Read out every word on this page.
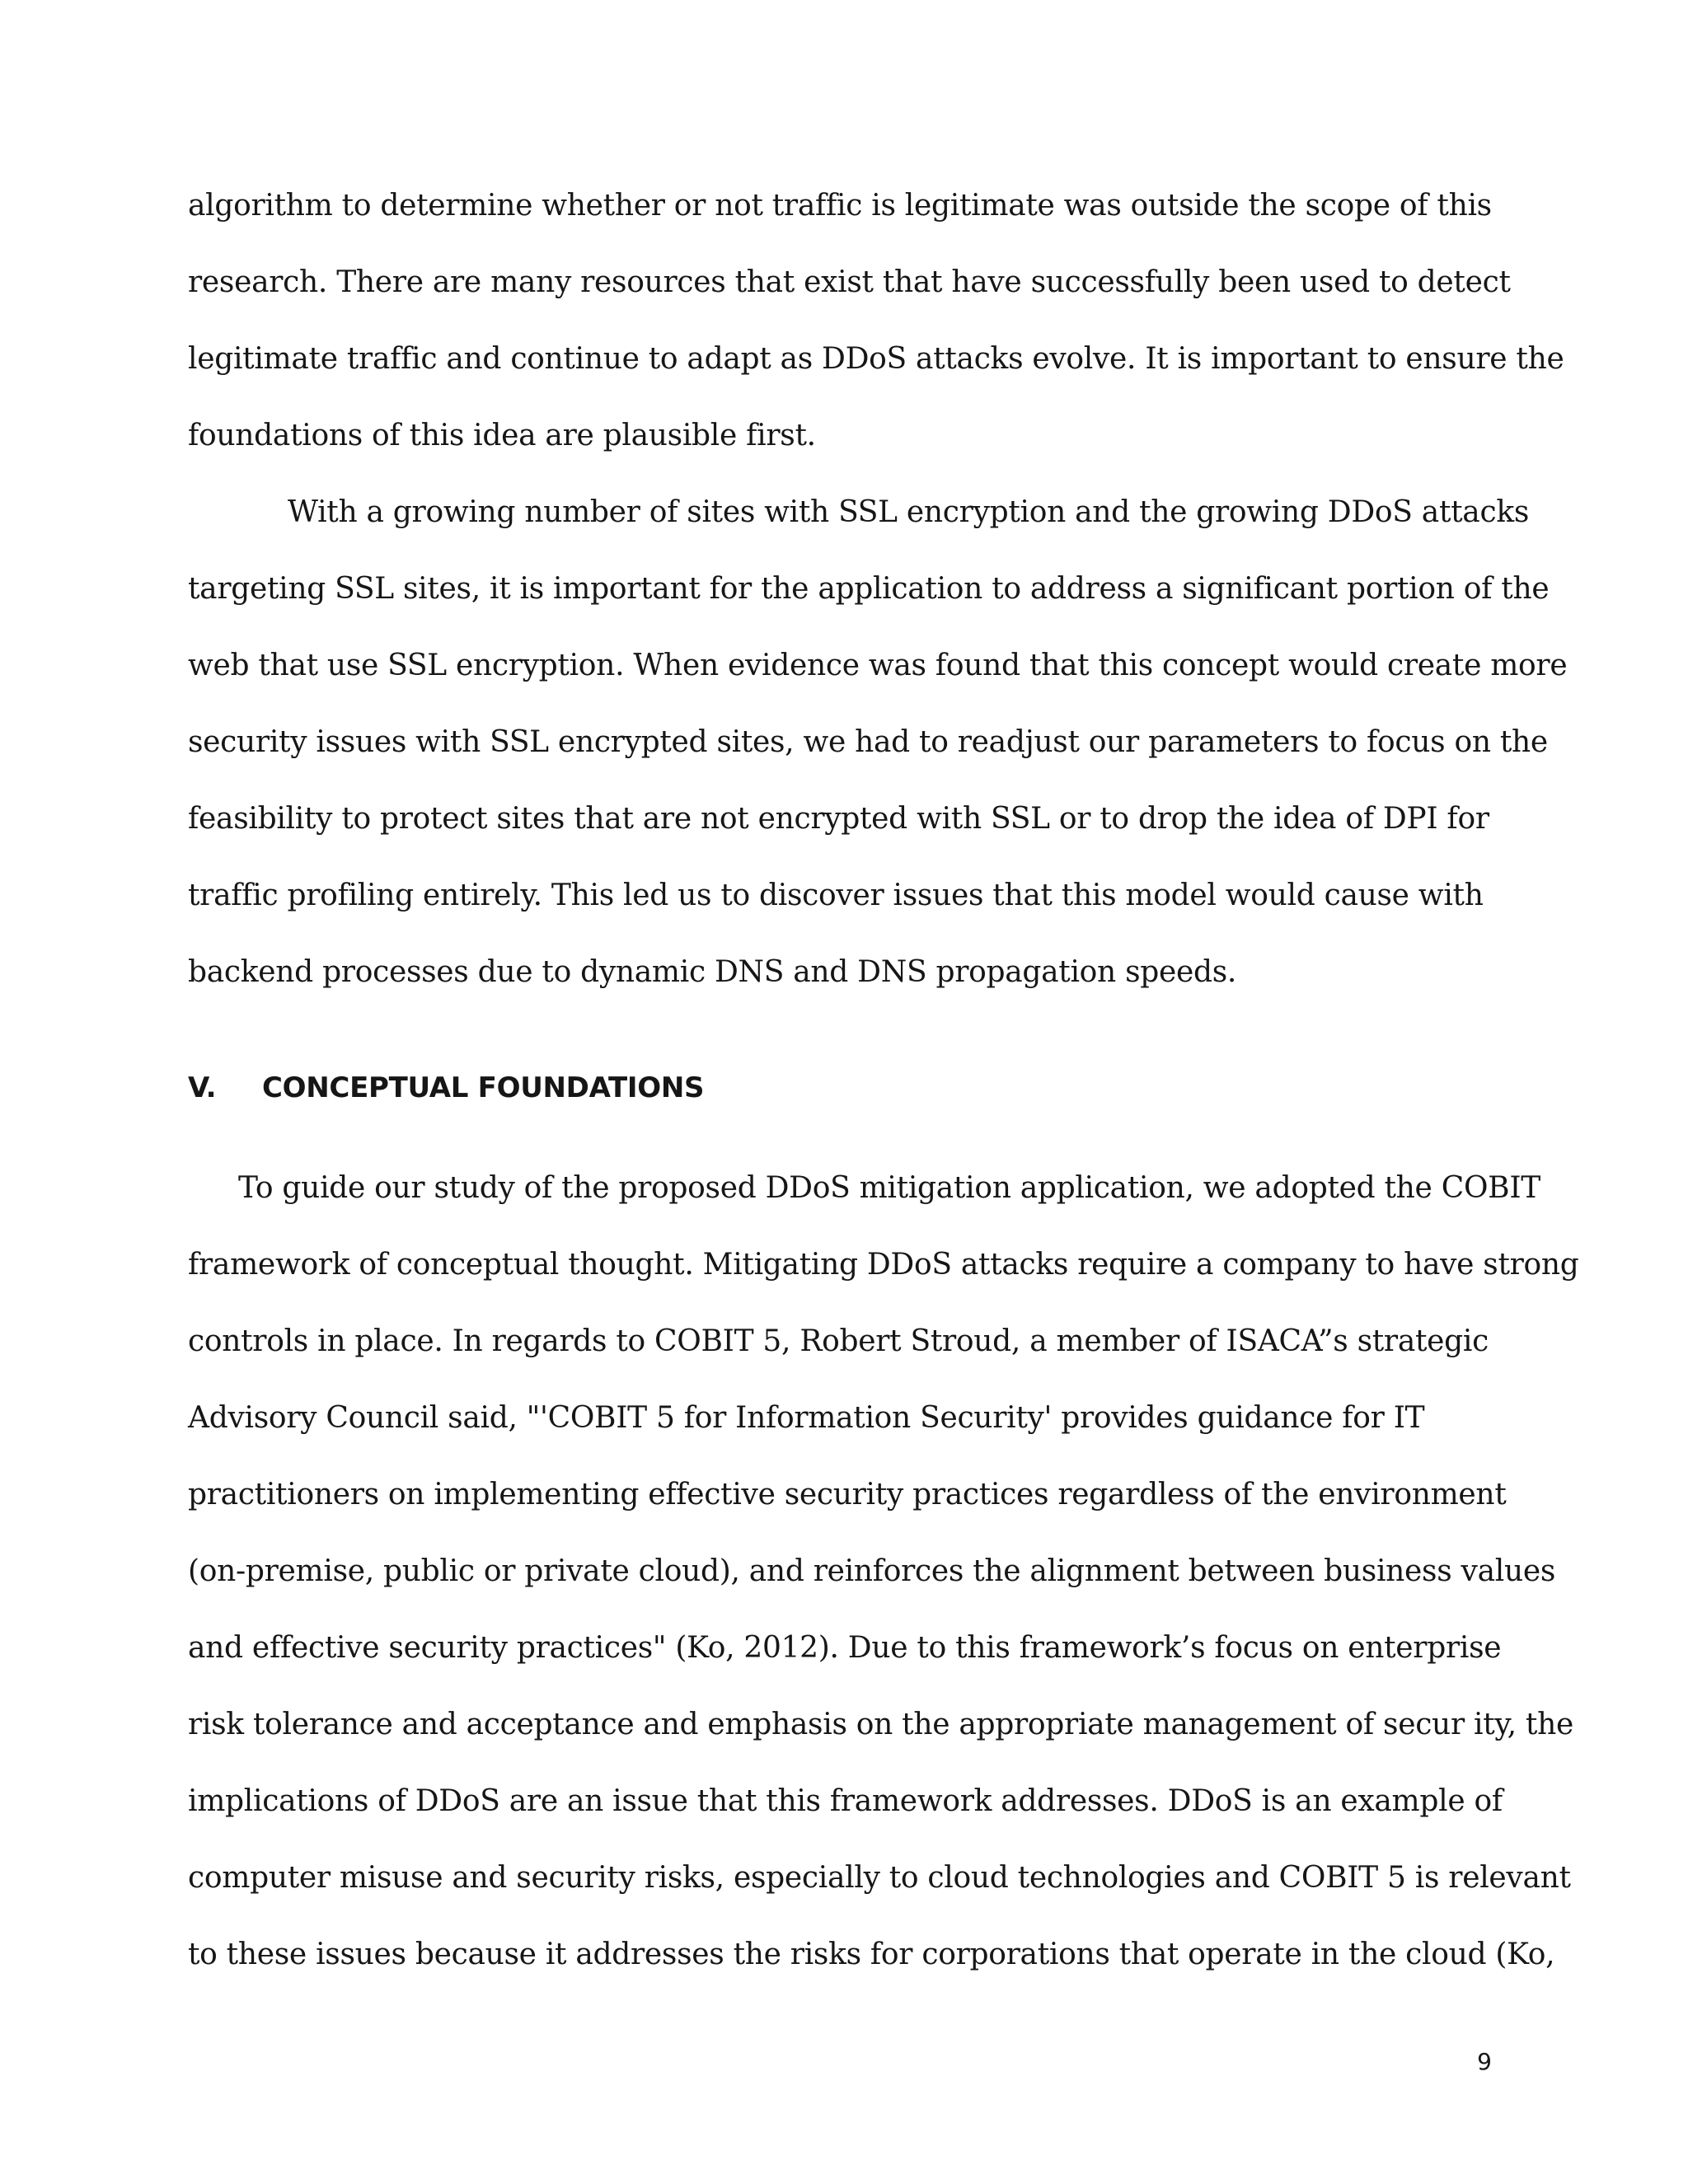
algorithm to determine whether or not traffic is legitimate was outside the scope of this
research. There are many resources that exist that have successfully been used to detect
legitimate traffic and continue to adapt as DDoS attacks evolve. It is important to ensure the
foundations of this idea are plausible first.
With a growing number of sites with SSL encryption and the growing DDoS attacks
targeting SSL sites, it is important for the application to address a significant portion of the
web that use SSL encryption. When evidence was found that this concept would create more
security issues with SSL encrypted sites, we had to readjust our parameters to focus on the
feasibility to protect sites that are not encrypted with SSL or to drop the idea of DPI for
traffic profiling entirely. This led us to discover issues that this model would cause with
backend processes due to dynamic DNS and DNS propagation speeds.
V. CONCEPTUAL FOUNDATIONS
To guide our study of the proposed DDoS mitigation application, we adopted the COBIT
framework of conceptual thought. Mitigating DDoS attacks require a company to have strong
controls in place. In regards to COBIT 5, Robert Stroud, a member of ISACA”s strategic
Advisory Council said, "'COBIT 5 for Information Security' provides guidance for IT
practitioners on implementing effective security practices regardless of the environment
(on-premise, public or private cloud), and reinforces the alignment between business values
and effective security practices" (Ko, 2012). Due to this framework’s focus on enterprise
risk tolerance and acceptance and emphasis on the appropriate management of secur ity, the
implications of DDoS are an issue that this framework addresses. DDoS is an example of
computer misuse and security risks, especially to cloud technologies and COBIT 5 is relevant
to these issues because it addresses the risks for corporations that operate in the cloud (Ko,
9
